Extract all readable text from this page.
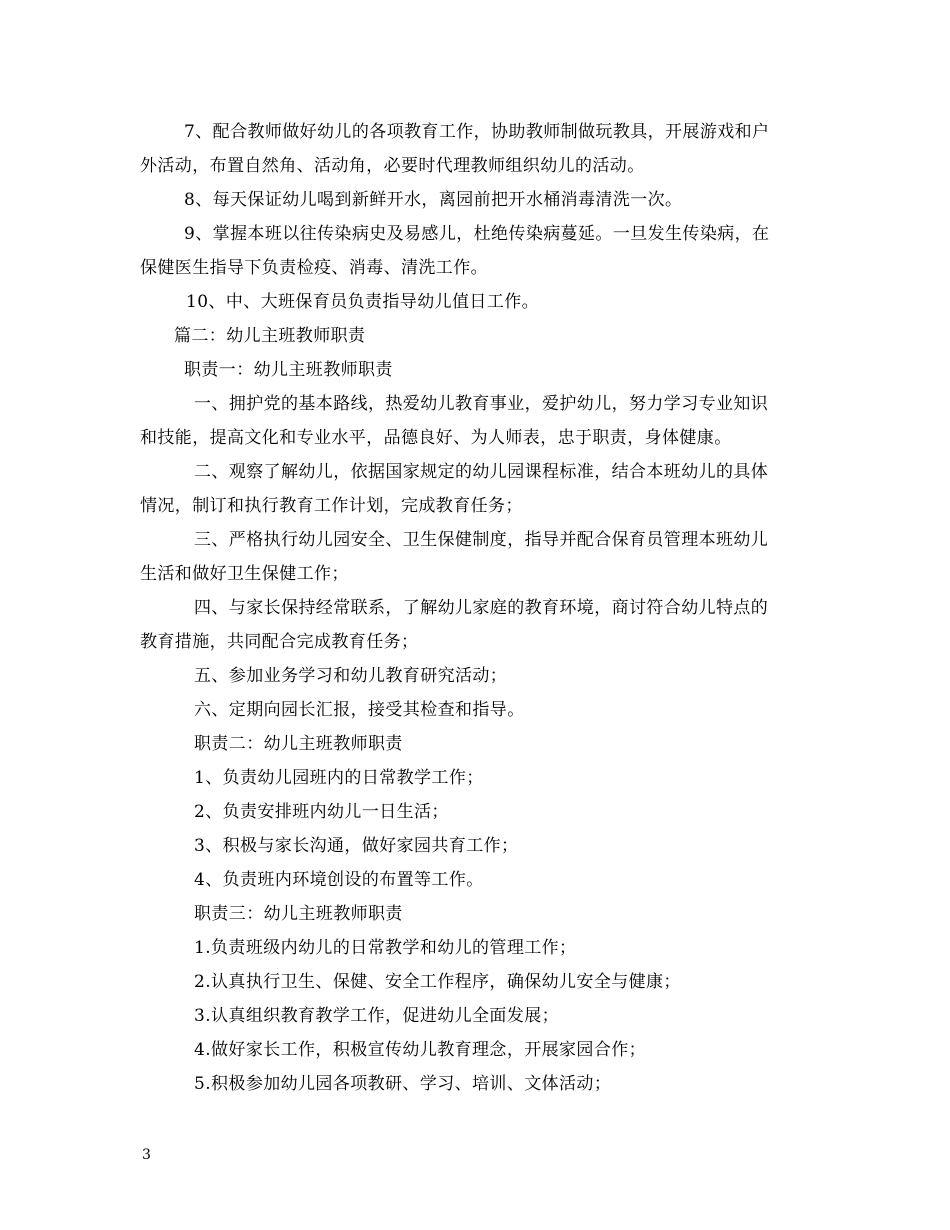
7、配合教师做好幼儿的各项教育工作，协助教师制做玩教具，开展游戏和户
外活动，布置自然角、活动角，必要时代理教师组织幼儿的活动。
8、每天保证幼儿喝到新鲜开水，离园前把开水桶消毒清洗一次。
9、掌握本班以往传染病史及易感儿，杜绝传染病蔓延。一旦发生传染病，在
保健医生指导下负责检疫、消毒、清洗工作。
10、中、大班保育员负责指导幼儿值日工作。
篇二：幼儿主班教师职责
职责一：幼儿主班教师职责
一、拥护党的基本路线，热爱幼儿教育事业，爱护幼儿，努力学习专业知识
和技能，提高文化和专业水平，品德良好、为人师表，忠于职责，身体健康。
二、观察了解幼儿，依据国家规定的幼儿园课程标准，结合本班幼儿的具体
情况，制订和执行教育工作计划，完成教育任务；
三、严格执行幼儿园安全、卫生保健制度，指导并配合保育员管理本班幼儿
生活和做好卫生保健工作；
四、与家长保持经常联系，了解幼儿家庭的教育环境，商讨符合幼儿特点的
教育措施，共同配合完成教育任务；
五、参加业务学习和幼儿教育研究活动；
六、定期向园长汇报，接受其检查和指导。
职责二：幼儿主班教师职责
1、负责幼儿园班内的日常教学工作；
2、负责安排班内幼儿一日生活；
3、积极与家长沟通，做好家园共育工作；
4、负责班内环境创设的布置等工作。
职责三：幼儿主班教师职责
1.负责班级内幼儿的日常教学和幼儿的管理工作；
2.认真执行卫生、保健、安全工作程序，确保幼儿安全与健康；
3.认真组织教育教学工作，促进幼儿全面发展；
4.做好家长工作，积极宣传幼儿教育理念，开展家园合作；
5.积极参加幼儿园各项教研、学习、培训、文体活动；
3
